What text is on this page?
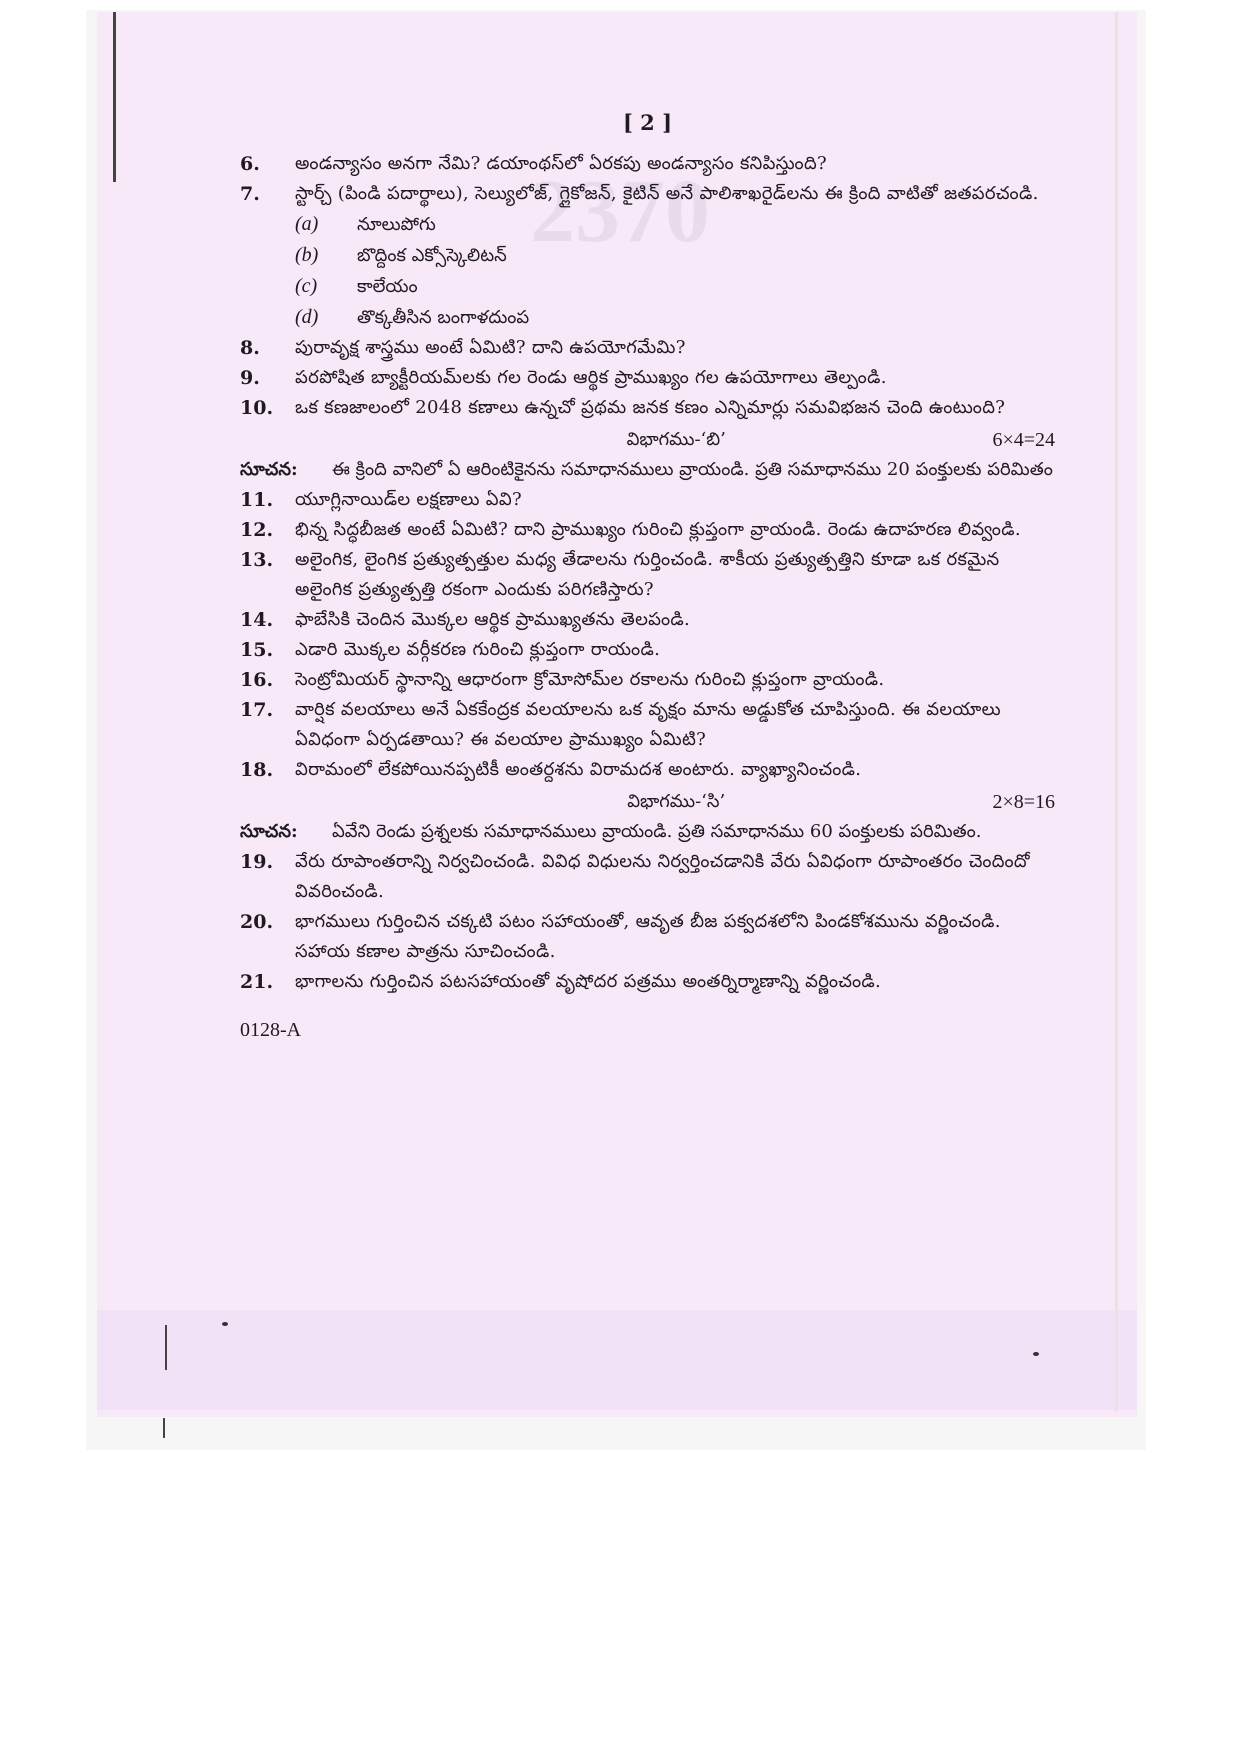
2370
[ 2 ]
6.	అండన్యాసం అనగా నేమి? డయాంథస్‌లో ఏరకపు అండన్యాసం కనిపిస్తుంది?
7.	స్టార్చ్ (పిండి పదార్థాలు), సెల్యులోజ్, గ్లైకోజన్, కైటిన్ అనే పాలిశాఖరైడ్‌లను ఈ క్రింది వాటితో జతపరచండి.
(a)	నూలుపోగు
(b)	బొద్దింక ఎక్సోస్కెలిటన్
(c)	కాలేయం
(d)	తొక్కతీసిన బంగాళదుంప
8.	పురావృక్ష శాస్త్రము అంటే ఏమిటి? దాని ఉపయోగమేమి?
9.	పరపోషిత బ్యాక్టీరియమ్‌లకు గల రెండు ఆర్థిక ప్రాముఖ్యం గల ఉపయోగాలు తెల్పండి.
10.	ఒక కణజాలంలో 2048 కణాలు ఉన్నచో ప్రథమ జనక కణం ఎన్నిమార్లు సమవిభజన చెంది ఉంటుంది?
విభాగము-‘బి’	6×4=24
సూచన:	ఈ క్రింది వానిలో ఏ ఆరింటికైనను సమాధానములు వ్రాయండి. ప్రతి సమాధానము 20 పంక్తులకు పరిమితం
11.	యూగ్లినాయిడ్‌ల లక్షణాలు ఏవి?
12.	భిన్న సిద్ధబీజత అంటే ఏమిటి? దాని ప్రాముఖ్యం గురించి క్లుప్తంగా వ్రాయండి. రెండు ఉదాహరణ లివ్వండి.
13.	అలైంగిక, లైంగిక ప్రత్యుత్పత్తుల మధ్య తేడాలను గుర్తించండి. శాకీయ ప్రత్యుత్పత్తిని కూడా ఒక రకమైన అలైంగిక ప్రత్యుత్పత్తి రకంగా ఎందుకు పరిగణిస్తారు?
14.	ఫాబేసికి చెందిన మొక్కల ఆర్థిక ప్రాముఖ్యతను తెలపండి.
15.	ఎడారి మొక్కల వర్గీకరణ గురించి క్లుప్తంగా రాయండి.
16.	సెంట్రోమియర్ స్థానాన్ని ఆధారంగా క్రోమోసోమ్‌ల రకాలను గురించి క్లుప్తంగా వ్రాయండి.
17.	వార్షిక వలయాలు అనే ఏకకేంద్రక వలయాలను ఒక వృక్షం మాను అడ్డుకోత చూపిస్తుంది. ఈ వలయాలు ఏవిధంగా ఏర్పడతాయి? ఈ వలయాల ప్రాముఖ్యం ఏమిటి?
18.	విరామంలో లేకపోయినప్పటికీ అంతర్దశను విరామదశ అంటారు. వ్యాఖ్యానించండి.
విభాగము-‘సి’	2×8=16
సూచన:	ఏవేని రెండు ప్రశ్నలకు సమాధానములు వ్రాయండి. ప్రతి సమాధానము 60 పంక్తులకు పరిమితం.
19.	వేరు రూపాంతరాన్ని నిర్వచించండి. వివిధ విధులను నిర్వర్తించడానికి వేరు ఏవిధంగా రూపాంతరం చెందిందో వివరించండి.
20.	భాగములు గుర్తించిన చక్కటి పటం సహాయంతో, ఆవృత బీజ పక్వదశలోని పిండకోశమును వర్ణించండి. సహాయ కణాల పాత్రను సూచించండి.
21.	భాగాలను గుర్తించిన పటసహాయంతో వృషోదర పత్రము అంతర్నిర్మాణాన్ని వర్ణించండి.
0128-A
